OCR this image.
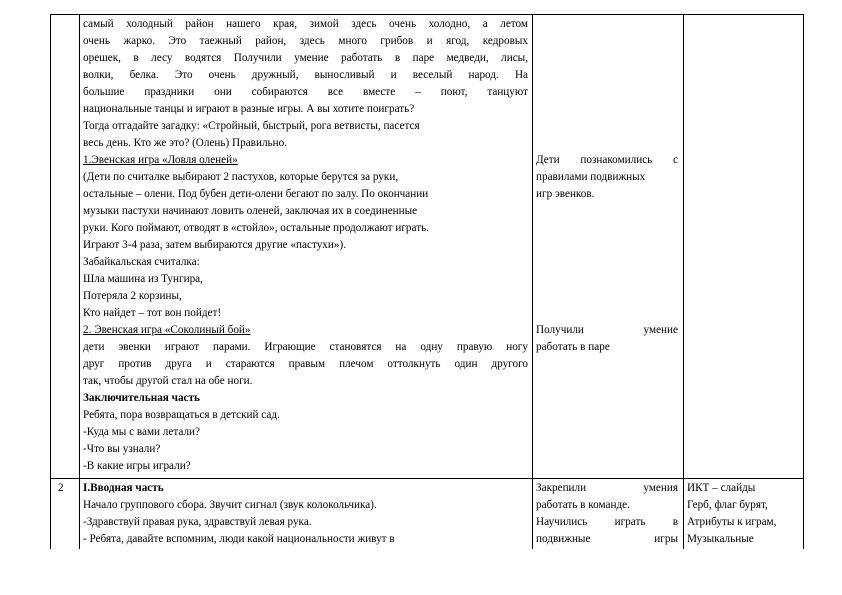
самый холодный район нашего края, зимой здесь очень холодно, а летом
очень жарко. Это таежный район, здесь много грибов и ягод, кедровых
орешек, в лесу водятся Получили умение работать в паре медведи, лисы,
волки, белка. Это очень дружный, выносливый и веселый народ. На
большие праздники они собираются все вместе – поют, танцуют
национальные танцы и играют в разные игры. А вы хотите поиграть?
Тогда отгадайте загадку: «Стройный, быстрый, рога ветвисты, пасется
весь день. Кто же это? (Олень) Правильно.
1.Эвенская игра «Ловля оленей»
(Дети по считалке выбирают 2 пастухов, которые берутся за руки,
остальные – олени. Под бубен дети-олени бегают по залу. По окончании
музыки пастухи начинают ловить оленей, заключая их в соединенные
руки. Кого поймают, отводят в «стойло», остальные продолжают играть.
Играют 3-4 раза, затем выбираются другие «пастухи»).
Забайкальская считалка:
Шла машина из Тунгира,
Потеряла 2 корзины,
Кто найдет – тот вон пойдет!
2. Эвенская игра «Соколиный бой»
дети эвенки играют парами. Играющие становятся на одну правую ногу
друг против друга и стараются правым плечом оттолкнуть один другого
так, чтобы другой стал на обе ноги.
Заключительная часть
Ребята, пора возвращаться в детский сад.
-Куда мы с вами летали?
-Что вы узнали?
-В какие игры играли?
Дети познакомились с
правилами подвижных
игр эвенков.
Получили умение
работать в паре
2	I.Вводная часть
Начало группового сбора. Звучит сигнал (звук колокольчика).
-Здравствуй правая рука, здравствуй левая рука.
- Ребята, давайте вспомним, люди какой национальности живут в
Закрепили умения
работать в команде.
Научились играть в
подвижные игры
ИКТ – слайды
Герб, флаг бурят,
Атрибуты к играм,
Музыкальные
